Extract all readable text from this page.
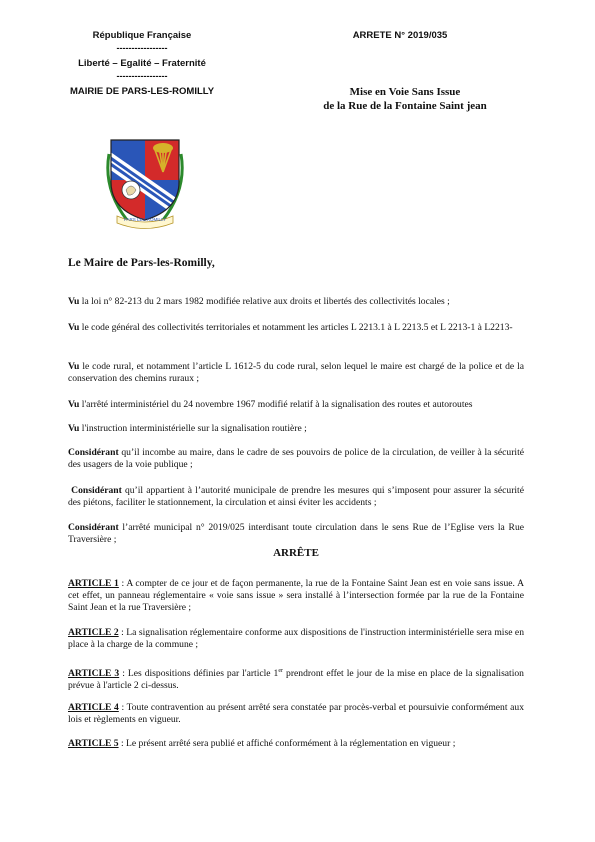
République Française
-----------------
Liberté – Egalité – Fraternité
-----------------
MAIRIE DE PARS-LES-ROMILLY
ARRETE N° 2019/035
Mise en Voie Sans Issue
de la Rue de la Fontaine Saint jean
PARS LES ROMILLY
Le Maire de Pars-les-Romilly,
Vu la loi n° 82-213 du 2 mars 1982 modifiée relative aux droits et libertés des collectivités locales ;
Vu le code général des collectivités territoriales et notamment les articles L 2213.1 à L 2213.5 et L 2213-1 à L2213-
Vu le code rural, et notamment l’article L 1612-5 du code rural, selon lequel le maire est chargé de la police et de la conservation des chemins ruraux ;
Vu l'arrêté interministériel du 24 novembre 1967 modifié relatif à la signalisation des routes et autoroutes
Vu l'instruction interministérielle sur la signalisation routière ;
Considérant qu’il incombe au maire, dans le cadre de ses pouvoirs de police de la circulation, de veiller à la sécurité des usagers de la voie publique ;
Considérant qu’il appartient à l’autorité municipale de prendre les mesures qui s’imposent pour assurer la sécurité des piétons, faciliter le stationnement, la circulation et ainsi éviter les accidents ;
Considérant l’arrêté municipal n° 2019/025 interdisant toute circulation dans le sens Rue de l’Eglise vers la Rue Traversière ;
ARRÊTE
ARTICLE 1 : A compter de ce jour et de façon permanente, la rue de la Fontaine Saint Jean est en voie sans issue. A cet effet, un panneau réglementaire « voie sans issue » sera installé à l’intersection formée par la rue de la Fontaine Saint Jean et la rue Traversière ;
ARTICLE 2 : La signalisation réglementaire conforme aux dispositions de l'instruction interministérielle sera mise en place à la charge de la commune ;
ARTICLE 3 : Les dispositions définies par l'article 1er prendront effet le jour de la mise en place de la signalisation prévue à l'article 2 ci-dessus.
ARTICLE 4 : Toute contravention au présent arrêté sera constatée par procès-verbal et poursuivie conformément aux lois et règlements en vigueur.
ARTICLE 5 : Le présent arrêté sera publié et affiché conformément à la réglementation en vigueur ;
